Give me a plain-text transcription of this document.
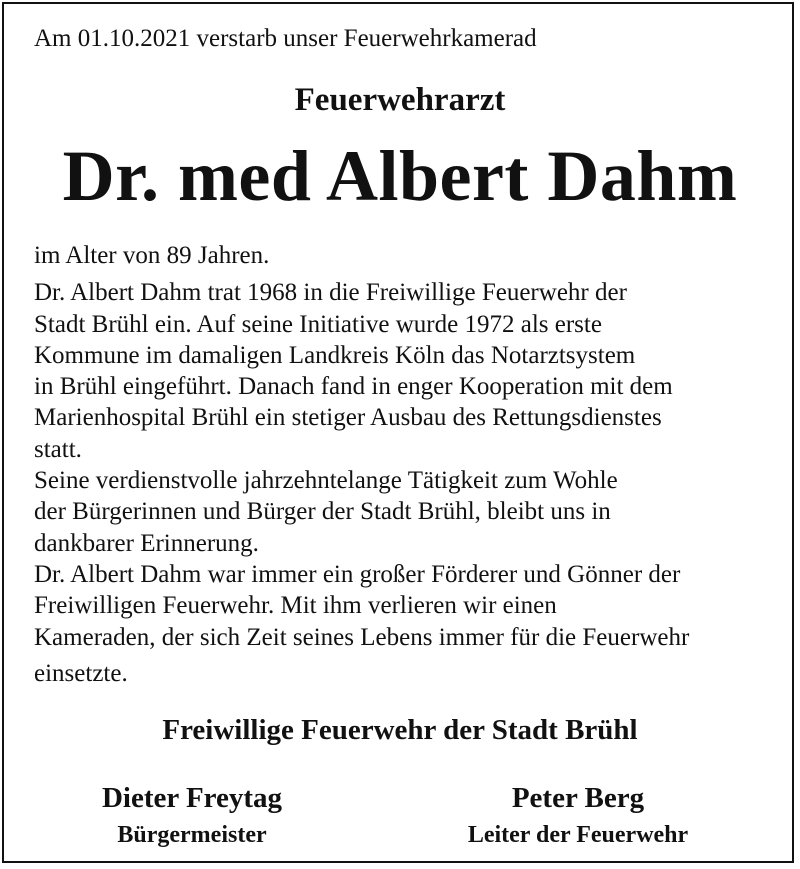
Am 01.10.2021 verstarb unser Feuerwehrkamerad
Feuerwehrarzt
Dr. med Albert Dahm
im Alter von 89 Jahren.
Dr. Albert Dahm trat 1968 in die Freiwillige Feuerwehr der
Stadt Brühl ein. Auf seine Initiative wurde 1972 als erste
Kommune im damaligen Landkreis Köln das Notarztsystem
in Brühl eingeführt. Danach fand in enger Kooperation mit dem
Marienhospital Brühl ein stetiger Ausbau des Rettungsdienstes
statt.
Seine verdienstvolle jahrzehntelange Tätigkeit zum Wohle
der Bürgerinnen und Bürger der Stadt Brühl, bleibt uns in
dankbarer Erinnerung.
Dr. Albert Dahm war immer ein großer Förderer und Gönner der
Freiwilligen Feuerwehr. Mit ihm verlieren wir einen
Kameraden, der sich Zeit seines Lebens immer für die Feuerwehr
einsetzte.
Freiwillige Feuerwehr der Stadt Brühl
Dieter Freytag
Bürgermeister
Peter Berg
Leiter der Feuerwehr
